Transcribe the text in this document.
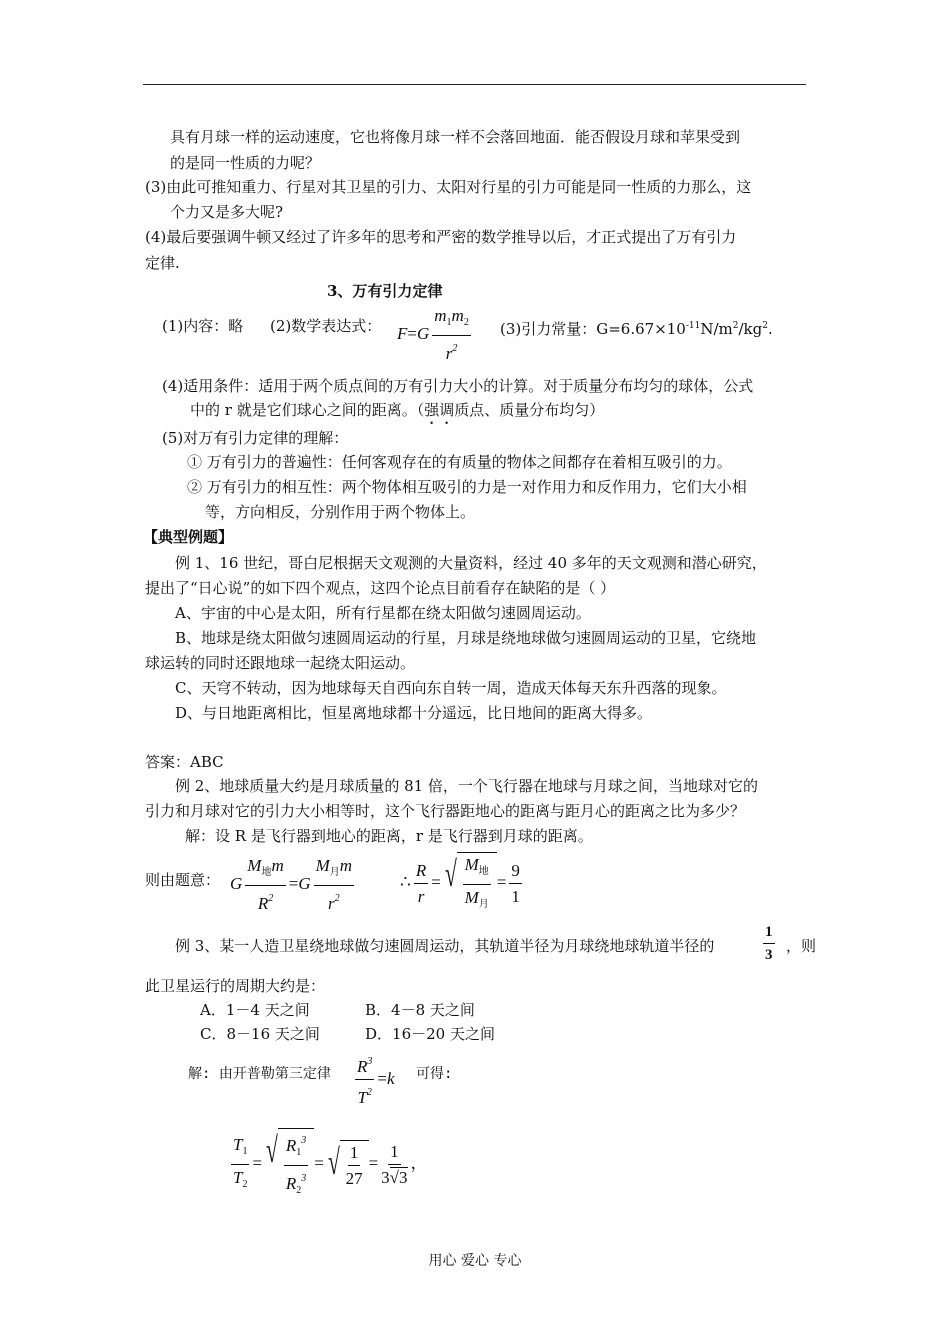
具有月球一样的运动速度，它也将像月球一样不会落回地面．能否假设月球和苹果受到
的是同一性质的力呢？
(3)由此可推知重力、行星对其卫星的引力、太阳对行星的引力可能是同一性质的力那么，这
个力又是多大呢?
(4)最后要强调牛顿又经过了许多年的思考和严密的数学推导以后，才正式提出了万有引力
定律.
3、万有引力定律
(1)内容：略 (2)数学表达式： $F=G \frac{m_1m_2}{r^2} (3)$引力常量：$G=6.67\times 10^{-11}N/m^2/kg^2$.
(4)适用条件：适用于两个质点间的万有引力大小的计算。对于质量分布均匀的球体，公式
中的 r 就是它们球心之间的距离。（强调质点、质量分布均匀）
(5)对万有引力定律的理解：
① 万有引力的普遍性：任何客观存在的有质量的物体之间都存在着相互吸引的力。
② 万有引力的相互性：两个物体相互吸引的力是一对作用力和反作用力，它们大小相
等，方向相反，分别作用于两个物体上。
【典型例题】
例 1、16 世纪，哥白尼根据天文观测的大量资料，经过 40 多年的天文观测和潜心研究，
提出了“日心说”的如下四个观点，这四个论点目前看存在缺陷的是（ ）
A、宇宙的中心是太阳，所有行星都在绕太阳做匀速圆周运动。
B、地球是绕太阳做匀速圆周运动的行星，月球是绕地球做匀速圆周运动的卫星，它绕地
球运转的同时还跟地球一起绕太阳运动。
C、天穹不转动，因为地球每天自西向东自转一周，造成天体每天东升西落的现象。
D、与日地距离相比，恒星离地球都十分遥远，比日地间的距离大得多。
答案：ABC
例 2、地球质量大约是月球质量的 81 倍，一个飞行器在地球与月球之间，当地球对它的
引力和月球对它的引力大小相等时，这个飞行器距地心的距离与距月心的距离之比为多少？
解：设 R 是飞行器到地心的距离，r 是飞行器到月球的距离。
则由题意： G $\frac{M_地m}{R^2} =G \frac{M_月m}{r^2}$	∴ $\frac{R}{r}$ = √ $\frac{M_地}{M_月} = \frac{9}{1}$
例 3、某一人造卫星绕地球做匀速圆周运动，其轨道半径为月球绕地球轨道半径的	$\frac{1}{3}$ ，则
此卫星运行的周期大约是：
A．1－4 天之间	B．4－8 天之间
C．8－16 天之间	D．16－20 天之间
解: 由开普勒第三定律 $\frac{R^3}{T^2} =k$ 可得:
$\frac{T_1}{T_2}$ = √ $\frac{R_1^3}{R_2^3}$ = √ $\frac{1}{27} = \frac{1}{3√3}$ ，
用心 爱心 专心
